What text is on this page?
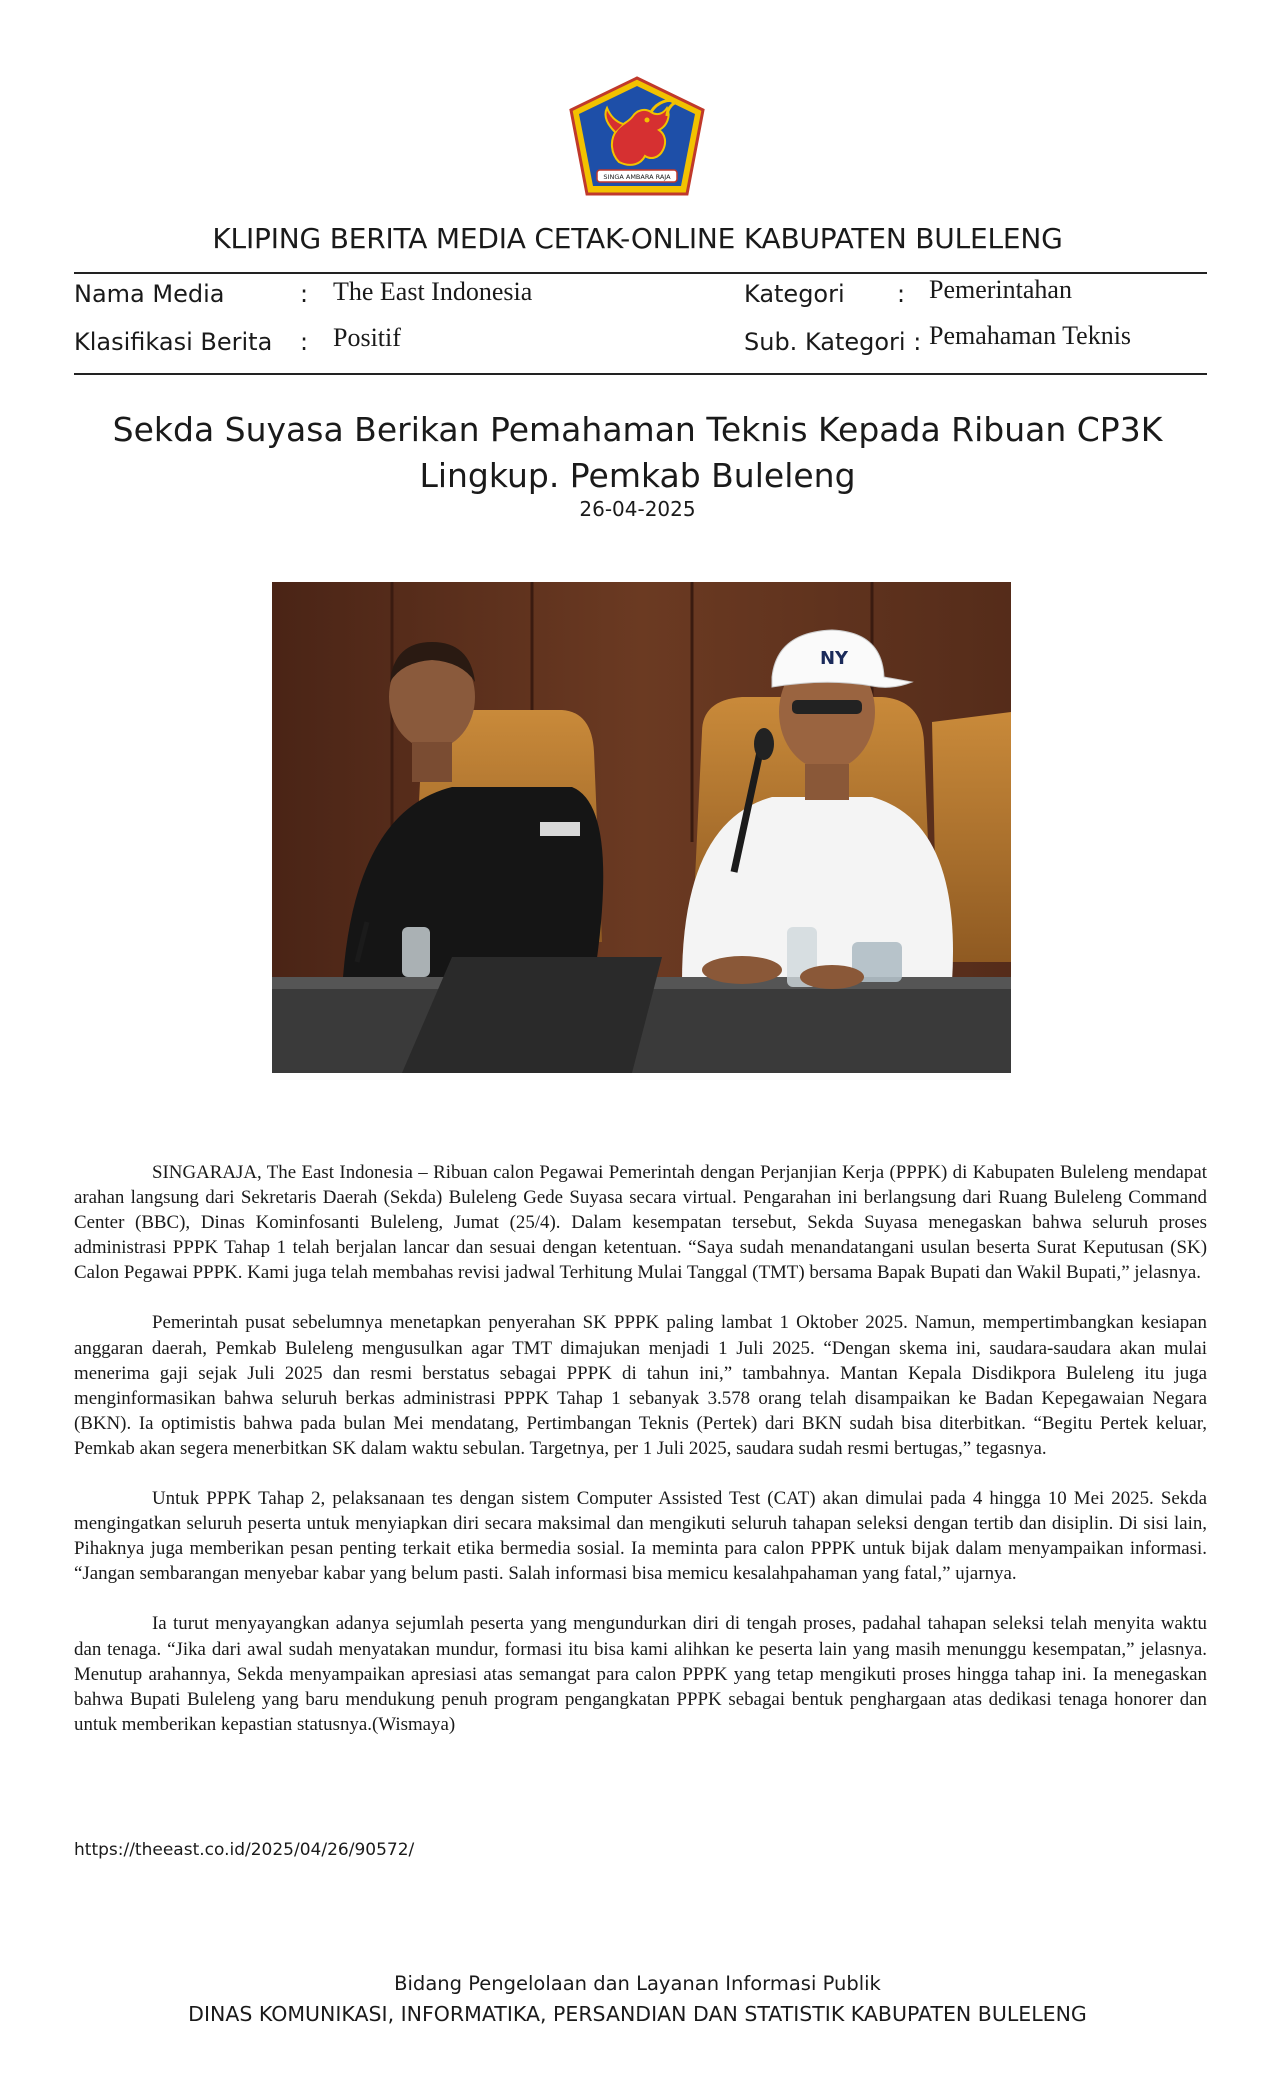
SINGA AMBARA RAJA
KLIPING BERITA MEDIA CETAK-ONLINE KABUPATEN BULELENG
Nama Media	: The East Indonesia	Kategori : Pemerintahan
Klasifikasi Berita : Positif	Sub. Kategori : Pemahaman Teknis
Sekda Suyasa Berikan Pemahaman Teknis Kepada Ribuan CP3K Lingkup. Pemkab Buleleng
26-04-2025
NY

SINGARAJA, The East Indonesia – Ribuan calon Pegawai Pemerintah dengan Perjanjian Kerja (PPPK) di Kabupaten Buleleng mendapat arahan langsung dari Sekretaris Daerah (Sekda) Buleleng Gede Suyasa secara virtual. Pengarahan ini berlangsung dari Ruang Buleleng Command Center (BBC), Dinas Kominfosanti Buleleng, Jumat (25/4). Dalam kesempatan tersebut, Sekda Suyasa menegaskan bahwa seluruh proses administrasi PPPK Tahap 1 telah berjalan lancar dan sesuai dengan ketentuan. “Saya sudah menandatangani usulan beserta Surat Keputusan (SK) Calon Pegawai PPPK. Kami juga telah membahas revisi jadwal Terhitung Mulai Tanggal (TMT) bersama Bapak Bupati dan Wakil Bupati,” jelasnya.

Pemerintah pusat sebelumnya menetapkan penyerahan SK PPPK paling lambat 1 Oktober 2025. Namun, mempertimbangkan kesiapan anggaran daerah, Pemkab Buleleng mengusulkan agar TMT dimajukan menjadi 1 Juli 2025. “Dengan skema ini, saudara-saudara akan mulai menerima gaji sejak Juli 2025 dan resmi berstatus sebagai PPPK di tahun ini,” tambahnya. Mantan Kepala Disdikpora Buleleng itu juga menginformasikan bahwa seluruh berkas administrasi PPPK Tahap 1 sebanyak 3.578 orang telah disampaikan ke Badan Kepegawaian Negara (BKN). Ia optimistis bahwa pada bulan Mei mendatang, Pertimbangan Teknis (Pertek) dari BKN sudah bisa diterbitkan. “Begitu Pertek keluar, Pemkab akan segera menerbitkan SK dalam waktu sebulan. Targetnya, per 1 Juli 2025, saudara sudah resmi bertugas,” tegasnya.

Untuk PPPK Tahap 2, pelaksanaan tes dengan sistem Computer Assisted Test (CAT) akan dimulai pada 4 hingga 10 Mei 2025. Sekda mengingatkan seluruh peserta untuk menyiapkan diri secara maksimal dan mengikuti seluruh tahapan seleksi dengan tertib dan disiplin. Di sisi lain, Pihaknya juga memberikan pesan penting terkait etika bermedia sosial. Ia meminta para calon PPPK untuk bijak dalam menyampaikan informasi. “Jangan sembarangan menyebar kabar yang belum pasti. Salah informasi bisa memicu kesalahpahaman yang fatal,” ujarnya.

Ia turut menyayangkan adanya sejumlah peserta yang mengundurkan diri di tengah proses, padahal tahapan seleksi telah menyita waktu dan tenaga. “Jika dari awal sudah menyatakan mundur, formasi itu bisa kami alihkan ke peserta lain yang masih menunggu kesempatan,” jelasnya. Menutup arahannya, Sekda menyampaikan apresiasi atas semangat para calon PPPK yang tetap mengikuti proses hingga tahap ini. Ia menegaskan bahwa Bupati Buleleng yang baru mendukung penuh program pengangkatan PPPK sebagai bentuk penghargaan atas dedikasi tenaga honorer dan untuk memberikan kepastian statusnya.(Wismaya)

https://theeast.co.id/2025/04/26/90572/
Bidang Pengelolaan dan Layanan Informasi Publik
DINAS KOMUNIKASI, INFORMATIKA, PERSANDIAN DAN STATISTIK KABUPATEN BULELENG
